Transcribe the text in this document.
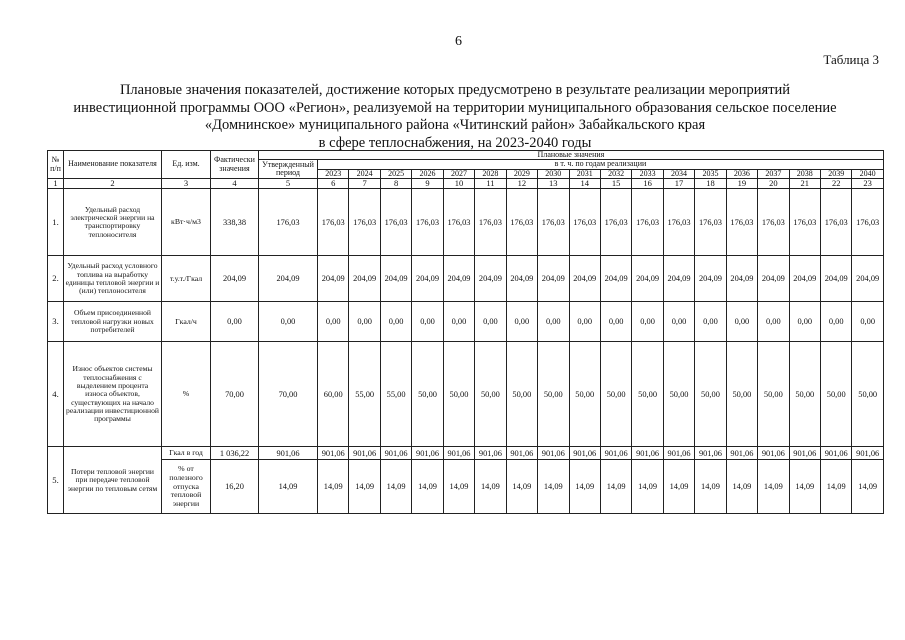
6
Таблица 3
Плановые значения показателей, достижение которых предусмотрено в результате реализации мероприятий
инвестиционной программы ООО «Регион», реализуемой на территории муниципального образования сельское поселение
«Домнинское» муниципального района «Читинский район» Забайкальского края
в сфере теплоснабжения, на 2023-2040 годы
№ п/п	Наименование показателя	Ед. изм.	Фактически значения	Плановые значения																		
				Утвержденный период	в т. ч. по годам реализации																	
					2023	2024	2025	2026	2027	2028	2029	2030	2031	2032	2033	2034	2035	2036	2037	2038	2039	2040
1	2	3	4	5	6	7	8	9	10	11	12	13	14	15	16	17	18	19	20	21	22	23
1.	Удельный расход электрической энергии на транспортировку теплоносителя	кВт·ч/м3	338,38	176,03	176,03	176,03	176,03	176,03	176,03	176,03	176,03	176,03	176,03	176,03	176,03	176,03	176,03	176,03	176,03	176,03	176,03	176,03
2.	Удельный расход условного топлива на выработку единицы тепловой энергии и (или) теплоносителя	т.у.т./Гкал	204,09	204,09	204,09	204,09	204,09	204,09	204,09	204,09	204,09	204,09	204,09	204,09	204,09	204,09	204,09	204,09	204,09	204,09	204,09	204,09
3.	Объем присоединенной тепловой нагрузки новых потребителей	Гкал/ч	0,00	0,00	0,00	0,00	0,00	0,00	0,00	0,00	0,00	0,00	0,00	0,00	0,00	0,00	0,00	0,00	0,00	0,00	0,00	0,00
4.	Износ объектов системы теплоснабжения с выделением процента износа объектов, существующих на начало реализации инвестиционной программы	%	70,00	70,00	60,00	55,00	55,00	50,00	50,00	50,00	50,00	50,00	50,00	50,00	50,00	50,00	50,00	50,00	50,00	50,00	50,00	50,00
5.	Потери тепловой энергии при передаче тепловой энергии по тепловым сетям	Гкал в год	1 036,22	901,06	901,06	901,06	901,06	901,06	901,06	901,06	901,06	901,06	901,06	901,06	901,06	901,06	901,06	901,06	901,06	901,06	901,06	901,06
		% от полезного отпуска тепловой энергии	16,20	14,09	14,09	14,09	14,09	14,09	14,09	14,09	14,09	14,09	14,09	14,09	14,09	14,09	14,09	14,09	14,09	14,09	14,09	14,09
